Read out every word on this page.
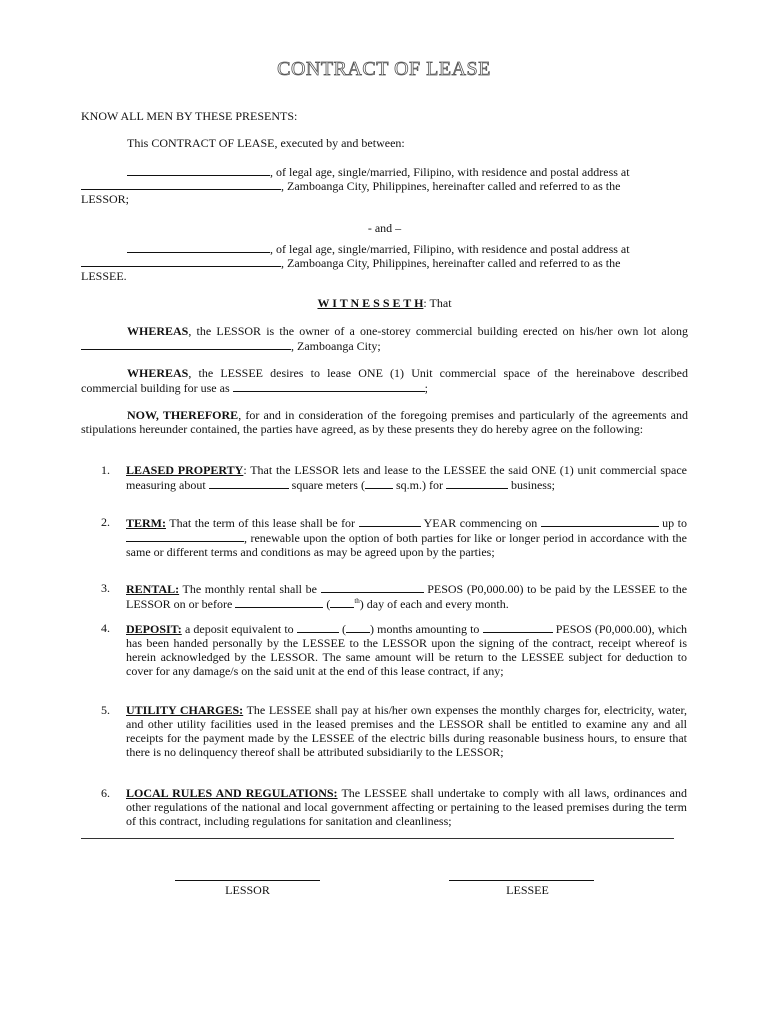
CONTRACT OF LEASE
KNOW ALL MEN BY THESE PRESENTS:
This CONTRACT OF LEASE, executed by and between:
, of legal age, single/married, Filipino, with residence and postal address at

, Zamboanga City, Philippines, hereinafter called and referred to as the
LESSOR;
- and –
, of legal age, single/married, Filipino, with residence and postal address at
, Zamboanga City, Philippines, hereinafter called and referred to as the
LESSEE.
W I T N E S S E T H: That
WHEREAS, the LESSOR is the owner of a one-storey commercial building erected on his/her own lot along , Zamboanga City;
WHEREAS, the LESSEE desires to lease ONE (1) Unit commercial space of the hereinabove described commercial building for use as	;
NOW, THEREFORE, for and in consideration of the foregoing premises and particularly of the agreements and stipulations hereunder contained, the parties have agreed, as by these presents they do hereby agree on the following:
1.	LEASED PROPERTY: That the LESSOR lets and lease to the LESSEE the said ONE (1) unit commercial space measuring about	square meters (	sq.m.) for	business;
2.	TERM: That the term of this lease shall be for	YEAR commencing on	up to , renewable upon the option of both parties for like or longer period in accordance with the same or different terms and conditions as may be agreed upon by the parties;
3.	RENTAL: The monthly rental shall be	PESOS (P0,000.00) to be paid by the LESSEE to the LESSOR on or before	(	$^{th}$) day of each and every month.
4.	DEPOSIT: a deposit equivalent to	( ) months amounting to	PESOS (P0,000.00), which has been handed personally by the LESSEE to the LESSOR upon the signing of the contract, receipt whereof is herein acknowledged by the LESSOR. The same amount will be return to the LESSEE subject for deduction to cover for any damage/s on the said unit at the end of this lease contract, if any;
5.	UTILITY CHARGES: The LESSEE shall pay at his/her own expenses the monthly charges for, electricity, water, and other utility facilities used in the leased premises and the LESSOR shall be entitled to examine any and all receipts for the payment made by the LESSEE of the electric bills during reasonable business hours, to ensure that there is no delinquency thereof shall be attributed subsidiarily to the LESSOR;
6.	LOCAL RULES AND REGULATIONS: The LESSEE shall undertake to comply with all laws, ordinances and other regulations of the national and local government affecting or pertaining to the leased premises during the term of this contract, including regulations for sanitation and cleanliness;
LESSOR	LESSEE
